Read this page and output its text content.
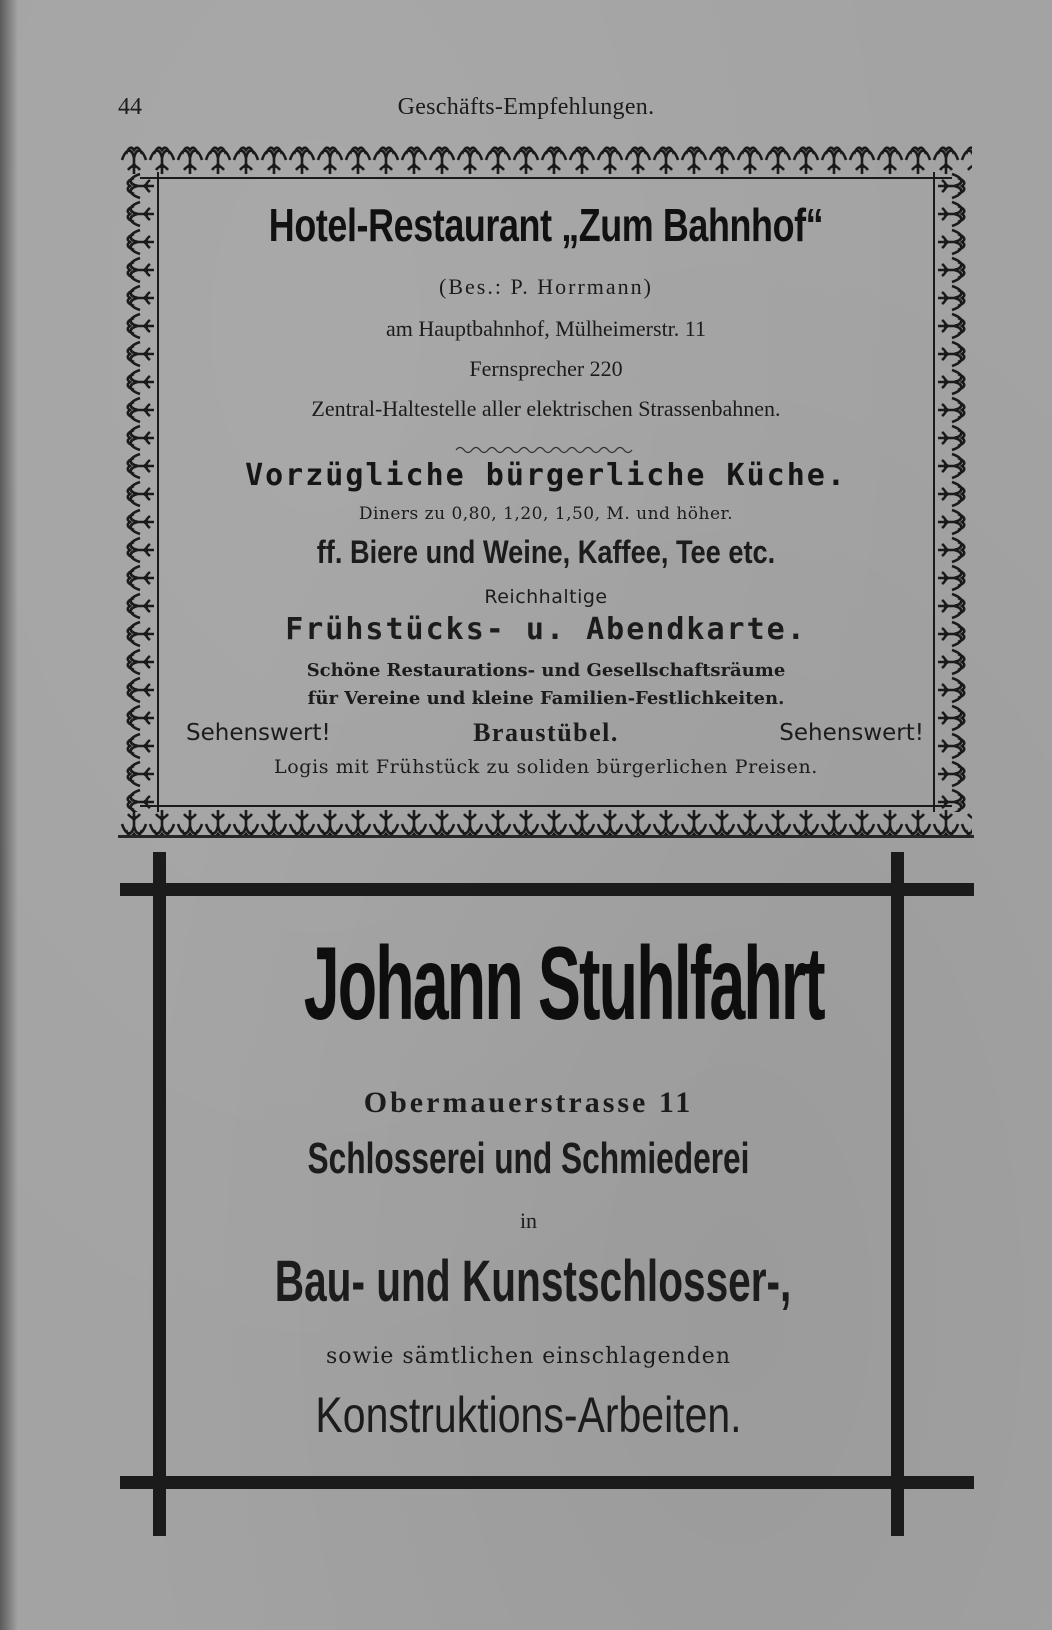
44	Geschäfts-Empfehlungen.
Hotel-Restaurant „Zum Bahnhof“
(Bes.: P. Horrmann)
am Hauptbahnhof, Mülheimerstr. 11
Fernsprecher 220
Zentral-Haltestelle aller elektrischen Strassenbahnen.
Vorzügliche bürgerliche Küche.
Diners zu 0,80, 1,20, 1,50, M. und höher.
ff. Biere und Weine, Kaffee, Tee etc.
Reichhaltige
Frühstücks- u. Abendkarte.
Schöne Restaurations- und Gesellschaftsräume
für Vereine und kleine Familien-Festlichkeiten.
Sehenswert!	Braustübel.	Sehenswert!
Logis mit Frühstück zu soliden bürgerlichen Preisen.
Johann Stuhlfahrt
Obermauerstrasse 11
Schlosserei und Schmiederei
in
Bau- und Kunstschlosser-,
sowie sämtlichen einschlagenden
Konstruktions-Arbeiten.
